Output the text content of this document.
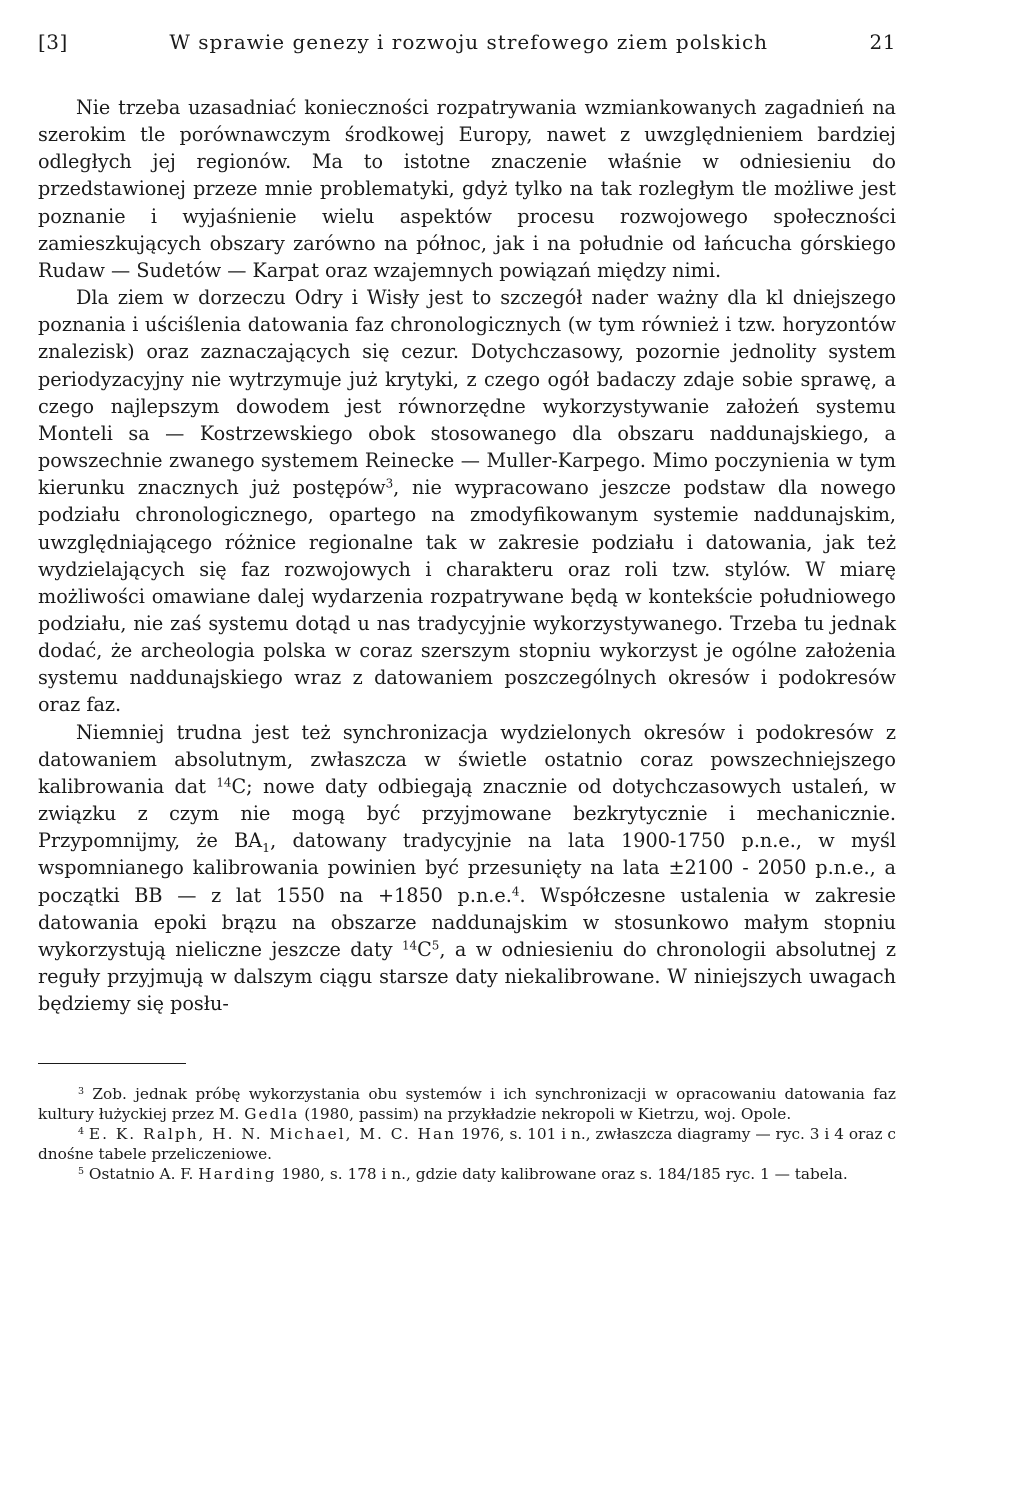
[3]	W sprawie genezy i rozwoju strefowego ziem polskich	21

Nie trzeba uzasadniać konieczności rozpatrywania wzmiankowanych zagadnień na szerokim tle porównawczym środkowej Europy, nawet z uwzględnieniem bardziej odległych jej regionów. Ma to istotne znaczenie właśnie w odniesieniu do przedstawionej przeze mnie problematyki, gdyż tylko na tak rozległym tle możliwe jest poznanie i wyjaśnienie wielu aspektów procesu rozwojowego społeczności zamieszkujących obszary zarówno na północ, jak i na południe od łańcucha górskiego Rudaw — Sudetów — Karpat oraz wzajemnych powiązań między nimi.

Dla ziem w dorzeczu Odry i Wisły jest to szczegół nader ważny dla kl dniejszego poznania i uściślenia datowania faz chronologicznych (w tym również i tzw. horyzontów znalezisk) oraz zaznaczających się cezur. Dotychczasowy, pozornie jednolity system periodyzacyjny nie wytrzymuje już krytyki, z czego ogół badaczy zdaje sobie sprawę, a czego najlepszym dowodem jest równorzędne wykorzystywanie założeń systemu Monteli sa — Kostrzewskiego obok stosowanego dla obszaru naddunajskiego, a powszechnie zwanego systemem Reinecke — Muller-Karpego. Mimo poczynienia w tym kierunku znacznych już postępów$^3$, nie wypracowano jeszcze podstaw dla nowego podziału chronologicznego, opartego na zmodyfikowanym systemie naddunajskim, uwzględniającego różnice regionalne tak w zakresie podziału i datowania, jak też wydzielających się faz rozwojowych i charakteru oraz roli tzw. stylów. W miarę możliwości omawiane dalej wydarzenia rozpatrywane będą w kontekście południowego podziału, nie zaś systemu dotąd u nas tradycyjnie wykorzystywanego. Trzeba tu jednak dodać, że archeologia polska w coraz szerszym stopniu wykorzyst je ogólne założenia systemu naddunajskiego wraz z datowaniem poszczególnych okresów i podokresów oraz faz.

Niemniej trudna jest też synchronizacja wydzielonych okresów i podokresów z datowaniem absolutnym, zwłaszcza w świetle ostatnio coraz powszechniejszego kalibrowania dat $^{14}$C; nowe daty odbiegają znacznie od dotychczasowych ustaleń, w związku z czym nie mogą być przyjmowane bezkrytycznie i mechanicznie. Przypomnijmy, że $BA_1$, datowany tradycyjnie na lata 1900-1750 p.n.e., w myśl wspomnianego kalibrowania powinien być przesunięty na lata ±2100 - 2050 p.n.e., a początki BB — z lat 1550 na +1850 p.n.e.$^4$. Współczesne ustalenia w zakresie datowania epoki brązu na obszarze naddunajskim w stosunkowo małym stopniu wykorzystują nieliczne jeszcze daty $^{14}C^5$, a w odniesieniu do chronologii absolutnej z reguły przyjmują w dalszym ciągu starsze daty niekalibrowane. W niniejszych uwagach będziemy się posłu-

$^3$ Zob. jednak próbę wykorzystania obu systemów i ich synchronizacji w opracowaniu datowania faz kultury łużyckiej przez M. Gedla (1980, passim) na przykładzie nekropoli w Kietrzu, woj. Opole.

$^4$ E. K. Ralph, H. N. Michael, M. C. Han 1976, s. 101 i n., zwłaszcza diagramy — ryc. 3 i 4 oraz c dnośne tabele przeliczeniowe.

$^5$ Ostatnio A. F. Harding 1980, s. 178 i n., gdzie daty kalibrowane oraz s. 184/185 ryc. 1 — tabela.
